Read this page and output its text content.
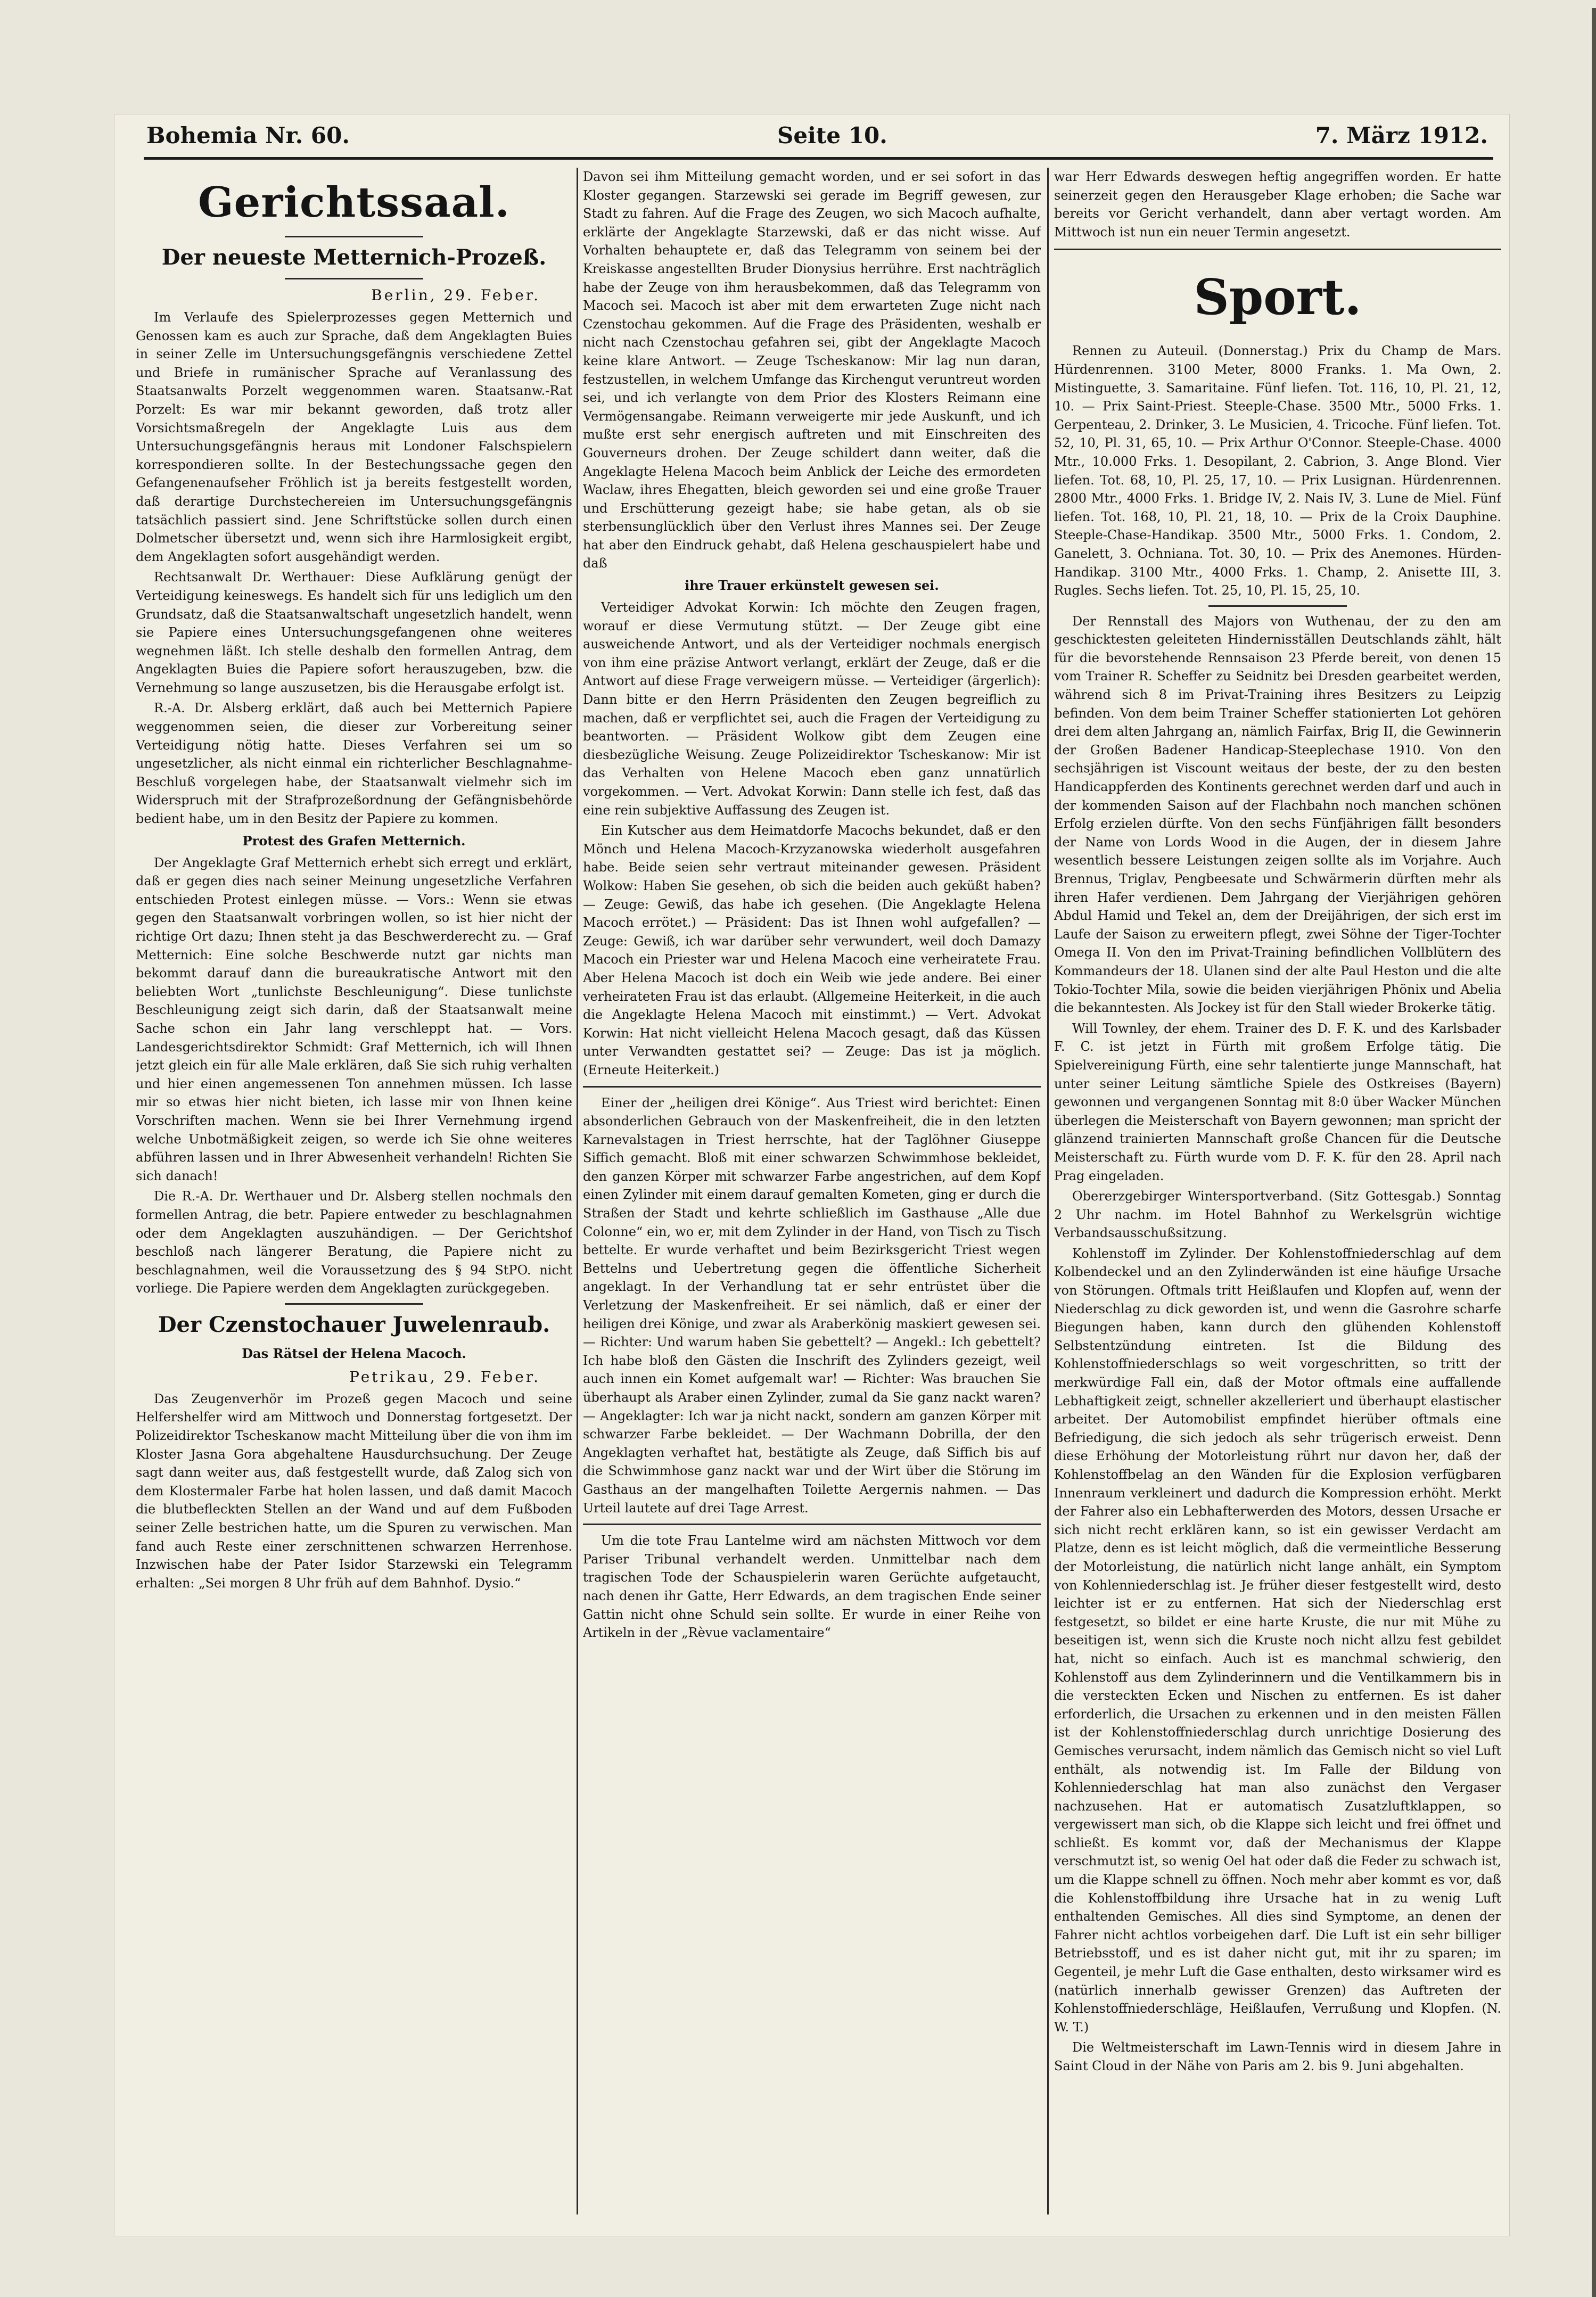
Bohemia Nr. 60.	Seite 10.	7. März 1912.
Gerichtssaal.
Der neueste Metternich-Prozeß.
Berlin, 29. Feber.

Im Verlaufe des Spielerprozesses gegen Metternich und Genossen kam es auch zur Sprache, daß dem Angeklagten Buies in seiner Zelle im Untersuchungsgefängnis verschiedene Zettel und Briefe in rumänischer Sprache auf Veranlassung des Staatsanwalts Porzelt weggenommen waren. Staatsanw.-Rat Porzelt: Es war mir bekannt geworden, daß trotz aller Vorsichtsmaßregeln der Angeklagte Luis aus dem Untersuchungsgefängnis heraus mit Londoner Falschspielern korrespondieren sollte. In der Bestechungssache gegen den Gefangenenaufseher Fröhlich ist ja bereits festgestellt worden, daß derartige Durchstechereien im Untersuchungsgefängnis tatsächlich passiert sind. Jene Schriftstücke sollen durch einen Dolmetscher übersetzt und, wenn sich ihre Harmlosigkeit ergibt, dem Angeklagten sofort ausgehändigt werden.

Rechtsanwalt Dr. Werthauer: Diese Aufklärung genügt der Verteidigung keineswegs. Es handelt sich für uns lediglich um den Grundsatz, daß die Staatsanwaltschaft ungesetzlich handelt, wenn sie Papiere eines Untersuchungsgefangenen ohne weiteres wegnehmen läßt. Ich stelle deshalb den formellen Antrag, dem Angeklagten Buies die Papiere sofort herauszugeben, bzw. die Vernehmung so lange auszusetzen, bis die Herausgabe erfolgt ist.

R.-A. Dr. Alsberg erklärt, daß auch bei Metternich Papiere weggenommen seien, die dieser zur Vorbereitung seiner Verteidigung nötig hatte. Dieses Verfahren sei um so ungesetzlicher, als nicht einmal ein richterlicher Beschlagnahme-Beschluß vorgelegen habe, der Staatsanwalt vielmehr sich im Widerspruch mit der Strafprozeßordnung der Gefängnisbehörde bedient habe, um in den Besitz der Papiere zu kommen.

Protest des Grafen Metternich.

Der Angeklagte Graf Metternich erhebt sich erregt und erklärt, daß er gegen dies nach seiner Meinung ungesetzliche Verfahren entschieden Protest einlegen müsse. — Vors.: Wenn sie etwas gegen den Staatsanwalt vorbringen wollen, so ist hier nicht der richtige Ort dazu; Ihnen steht ja das Beschwerderecht zu. — Graf Metternich: Eine solche Beschwerde nutzt gar nichts man bekommt darauf dann die bureaukratische Antwort mit den beliebten Wort „tunlichste Beschleunigung“. Diese tunlichste Beschleunigung zeigt sich darin, daß der Staatsanwalt meine Sache schon ein Jahr lang verschleppt hat. — Vors. Landesgerichtsdirektor Schmidt: Graf Metternich, ich will Ihnen jetzt gleich ein für alle Male erklären, daß Sie sich ruhig verhalten und hier einen angemessenen Ton annehmen müssen. Ich lasse mir so etwas hier nicht bieten, ich lasse mir von Ihnen keine Vorschriften machen. Wenn sie bei Ihrer Vernehmung irgend welche Unbotmäßigkeit zeigen, so werde ich Sie ohne weiteres abführen lassen und in Ihrer Abwesenheit verhandeln! Richten Sie sich danach!

Die R.-A. Dr. Werthauer und Dr. Alsberg stellen nochmals den formellen Antrag, die betr. Papiere entweder zu beschlagnahmen oder dem Angeklagten auszuhändigen. — Der Gerichtshof beschloß nach längerer Beratung, die Papiere nicht zu beschlagnahmen, weil die Voraussetzung des § 94 StPO. nicht vorliege. Die Papiere werden dem Angeklagten zurückgegeben.

Der Czenstochauer Juwelenraub.
Das Rätsel der Helena Macoch.
Petrikau, 29. Feber.

Das Zeugenverhör im Prozeß gegen Macoch und seine Helfershelfer wird am Mittwoch und Donnerstag fortgesetzt. Der Polizeidirektor Tscheskanow macht Mitteilung über die von ihm im Kloster Jasna Gora abgehaltene Hausdurchsuchung. Der Zeuge sagt dann weiter aus, daß festgestellt wurde, daß Zalog sich von dem Klostermaler Farbe hat holen lassen, und daß damit Macoch die blutbefleckten Stellen an der Wand und auf dem Fußboden seiner Zelle bestrichen hatte, um die Spuren zu verwischen. Man fand auch Reste einer zerschnittenen schwarzen Herrenhose. Inzwischen habe der Pater Isidor Starzewski ein Telegramm erhalten: „Sei morgen 8 Uhr früh auf dem Bahnhof. Dysio.“

Davon sei ihm Mitteilung gemacht worden, und er sei sofort in das Kloster gegangen. Starzewski sei gerade im Begriff gewesen, zur Stadt zu fahren. Auf die Frage des Zeugen, wo sich Macoch aufhalte, erklärte der Angeklagte Starzewski, daß er das nicht wisse. Auf Vorhalten behauptete er, daß das Telegramm von seinem bei der Kreiskasse angestellten Bruder Dionysius herrühre. Erst nachträglich habe der Zeuge von ihm herausbekommen, daß das Telegramm von Macoch sei. Macoch ist aber mit dem erwarteten Zuge nicht nach Czenstochau gekommen. Auf die Frage des Präsidenten, weshalb er nicht nach Czenstochau gefahren sei, gibt der Angeklagte Macoch keine klare Antwort. — Zeuge Tscheskanow: Mir lag nun daran, festzustellen, in welchem Umfange das Kirchengut veruntreut worden sei, und ich verlangte von dem Prior des Klosters Reimann eine Vermögensangabe. Reimann verweigerte mir jede Auskunft, und ich mußte erst sehr energisch auftreten und mit Einschreiten des Gouverneurs drohen. Der Zeuge schildert dann weiter, daß die Angeklagte Helena Macoch beim Anblick der Leiche des ermordeten Waclaw, ihres Ehegatten, bleich geworden sei und eine große Trauer und Erschütterung gezeigt habe; sie habe getan, als ob sie sterbensunglücklich über den Verlust ihres Mannes sei. Der Zeuge hat aber den Eindruck gehabt, daß Helena geschauspielert habe und daß

ihre Trauer erkünstelt gewesen sei.

Verteidiger Advokat Korwin: Ich möchte den Zeugen fragen, worauf er diese Vermutung stützt. — Der Zeuge gibt eine ausweichende Antwort, und als der Verteidiger nochmals energisch von ihm eine präzise Antwort verlangt, erklärt der Zeuge, daß er die Antwort auf diese Frage verweigern müsse. — Verteidiger (ärgerlich): Dann bitte er den Herrn Präsidenten den Zeugen begreiflich zu machen, daß er verpflichtet sei, auch die Fragen der Verteidigung zu beantworten. — Präsident Wolkow gibt dem Zeugen eine diesbezügliche Weisung. Zeuge Polizeidirektor Tscheskanow: Mir ist das Verhalten von Helene Macoch eben ganz unnatürlich vorgekommen. — Vert. Advokat Korwin: Dann stelle ich fest, daß das eine rein subjektive Auffassung des Zeugen ist.

Ein Kutscher aus dem Heimatdorfe Macochs bekundet, daß er den Mönch und Helena Macoch-Krzyzanowska wiederholt ausgefahren habe. Beide seien sehr vertraut miteinander gewesen. Präsident Wolkow: Haben Sie gesehen, ob sich die beiden auch geküßt haben? — Zeuge: Gewiß, das habe ich gesehen. (Die Angeklagte Helena Macoch errötet.) — Präsident: Das ist Ihnen wohl aufgefallen? — Zeuge: Gewiß, ich war darüber sehr verwundert, weil doch Damazy Macoch ein Priester war und Helena Macoch eine verheiratete Frau. Aber Helena Macoch ist doch ein Weib wie jede andere. Bei einer verheirateten Frau ist das erlaubt. (Allgemeine Heiterkeit, in die auch die Angeklagte Helena Macoch mit einstimmt.) — Vert. Advokat Korwin: Hat nicht vielleicht Helena Macoch gesagt, daß das Küssen unter Verwandten gestattet sei? — Zeuge: Das ist ja möglich. (Erneute Heiterkeit.)

Einer der „heiligen drei Könige“. Aus Triest wird berichtet: Einen absonderlichen Gebrauch von der Maskenfreiheit, die in den letzten Karnevalstagen in Triest herrschte, hat der Taglöhner Giuseppe Siffich gemacht. Bloß mit einer schwarzen Schwimmhose bekleidet, den ganzen Körper mit schwarzer Farbe angestrichen, auf dem Kopf einen Zylinder mit einem darauf gemalten Kometen, ging er durch die Straßen der Stadt und kehrte schließlich im Gasthause „Alle due Colonne“ ein, wo er, mit dem Zylinder in der Hand, von Tisch zu Tisch bettelte. Er wurde verhaftet und beim Bezirksgericht Triest wegen Bettelns und Uebertretung gegen die öffentliche Sicherheit angeklagt. In der Verhandlung tat er sehr entrüstet über die Verletzung der Maskenfreiheit. Er sei nämlich, daß er einer der heiligen drei Könige, und zwar als Araberkönig maskiert gewesen sei. — Richter: Und warum haben Sie gebettelt? — Angekl.: Ich gebettelt? Ich habe bloß den Gästen die Inschrift des Zylinders gezeigt, weil auch innen ein Komet aufgemalt war! — Richter: Was brauchen Sie überhaupt als Araber einen Zylinder, zumal da Sie ganz nackt waren? — Angeklagter: Ich war ja nicht nackt, sondern am ganzen Körper mit schwarzer Farbe bekleidet. — Der Wachmann Dobrilla, der den Angeklagten verhaftet hat, bestätigte als Zeuge, daß Siffich bis auf die Schwimmhose ganz nackt war und der Wirt über die Störung im Gasthaus an der mangelhaften Toilette Aergernis nahmen. — Das Urteil lautete auf drei Tage Arrest.

Um die tote Frau Lantelme wird am nächsten Mittwoch vor dem Pariser Tribunal verhandelt werden. Unmittelbar nach dem tragischen Tode der Schauspielerin waren Gerüchte aufgetaucht, nach denen ihr Gatte, Herr Edwards, an dem tragischen Ende seiner Gattin nicht ohne Schuld sein sollte. Er wurde in einer Reihe von Artikeln in der „Rèvue vaclamentaire“

war Herr Edwards deswegen heftig angegriffen worden. Er hatte seinerzeit gegen den Herausgeber Klage erhoben; die Sache war bereits vor Gericht verhandelt, dann aber vertagt worden. Am Mittwoch ist nun ein neuer Termin angesetzt.

Sport.

Rennen zu Auteuil. (Donnerstag.) Prix du Champ de Mars. Hürdenrennen. 3100 Meter, 8000 Franks. 1. Ma Own, 2. Mistinguette, 3. Samaritaine. Fünf liefen. Tot. 116, 10, Pl. 21, 12, 10. — Prix Saint-Priest. Steeple-Chase. 3500 Mtr., 5000 Frks. 1. Gerpenteau, 2. Drinker, 3. Le Musicien, 4. Tricoche. Fünf liefen. Tot. 52, 10, Pl. 31, 65, 10. — Prix Arthur O'Connor. Steeple-Chase. 4000 Mtr., 10.000 Frks. 1. Desopilant, 2. Cabrion, 3. Ange Blond. Vier liefen. Tot. 68, 10, Pl. 25, 17, 10. — Prix Lusignan. Hürdenrennen. 2800 Mtr., 4000 Frks. 1. Bridge IV, 2. Nais IV, 3. Lune de Miel. Fünf liefen. Tot. 168, 10, Pl. 21, 18, 10. — Prix de la Croix Dauphine. Steeple-Chase-Handikap. 3500 Mtr., 5000 Frks. 1. Condom, 2. Ganelett, 3. Ochniana. Tot. 30, 10. — Prix des Anemones. Hürden-Handikap. 3100 Mtr., 4000 Frks. 1. Champ, 2. Anisette III, 3. Rugles. Sechs liefen. Tot. 25, 10, Pl. 15, 25, 10.

Der Rennstall des Majors von Wuthenau, der zu den am geschicktesten geleiteten Hindernisställen Deutschlands zählt, hält für die bevorstehende Rennsaison 23 Pferde bereit, von denen 15 vom Trainer R. Scheffer zu Seidnitz bei Dresden gearbeitet werden, während sich 8 im Privat-Training ihres Besitzers zu Leipzig befinden. Von dem beim Trainer Scheffer stationierten Lot gehören drei dem alten Jahrgang an, nämlich Fairfax, Brig II, die Gewinnerin der Großen Badener Handicap-Steeplechase 1910. Von den sechsjährigen ist Viscount weitaus der beste, der zu den besten Handicappferden des Kontinents gerechnet werden darf und auch in der kommenden Saison auf der Flachbahn noch manchen schönen Erfolg erzielen dürfte. Von den sechs Fünfjährigen fällt besonders der Name von Lords Wood in die Augen, der in diesem Jahre wesentlich bessere Leistungen zeigen sollte als im Vorjahre. Auch Brennus, Triglav, Pengbeesate und Schwärmerin dürften mehr als ihren Hafer verdienen. Dem Jahrgang der Vierjährigen gehören Abdul Hamid und Tekel an, dem der Dreijährigen, der sich erst im Laufe der Saison zu erweitern pflegt, zwei Söhne der Tiger-Tochter Omega II. Von den im Privat-Training befindlichen Vollblütern des Kommandeurs der 18. Ulanen sind der alte Paul Heston und die alte Tokio-Tochter Mila, sowie die beiden vierjährigen Phönix und Abelia die bekanntesten. Als Jockey ist für den Stall wieder Brokerke tätig.

Will Townley, der ehem. Trainer des D. F. K. und des Karlsbader F. C. ist jetzt in Fürth mit großem Erfolge tätig. Die Spielvereinigung Fürth, eine sehr talentierte junge Mannschaft, hat unter seiner Leitung sämtliche Spiele des Ostkreises (Bayern) gewonnen und vergangenen Sonntag mit 8:0 über Wacker München überlegen die Meisterschaft von Bayern gewonnen; man spricht der glänzend trainierten Mannschaft große Chancen für die Deutsche Meisterschaft zu. Fürth wurde vom D. F. K. für den 28. April nach Prag eingeladen.

Obererzgebirger Wintersportverband. (Sitz Gottesgab.) Sonntag 2 Uhr nachm. im Hotel Bahnhof zu Werkelsgrün wichtige Verbandsausschußsitzung.

Kohlenstoff im Zylinder. Der Kohlenstoffniederschlag auf dem Kolbendeckel und an den Zylinderwänden ist eine häufige Ursache von Störungen. Oftmals tritt Heißlaufen und Klopfen auf, wenn der Niederschlag zu dick geworden ist, und wenn die Gasrohre scharfe Biegungen haben, kann durch den glühenden Kohlenstoff Selbstentzündung eintreten. Ist die Bildung des Kohlenstoffniederschlags so weit vorgeschritten, so tritt der merkwürdige Fall ein, daß der Motor oftmals eine auffallende Lebhaftigkeit zeigt, schneller akzelleriert und überhaupt elastischer arbeitet. Der Automobilist empfindet hierüber oftmals eine Befriedigung, die sich jedoch als sehr trügerisch erweist. Denn diese Erhöhung der Motorleistung rührt nur davon her, daß der Kohlenstoffbelag an den Wänden für die Explosion verfügbaren Innenraum verkleinert und dadurch die Kompression erhöht. Merkt der Fahrer also ein Lebhafterwerden des Motors, dessen Ursache er sich nicht recht erklären kann, so ist ein gewisser Verdacht am Platze, denn es ist leicht möglich, daß die vermeintliche Besserung der Motorleistung, die natürlich nicht lange anhält, ein Symptom von Kohlenniederschlag ist. Je früher dieser festgestellt wird, desto leichter ist er zu entfernen. Hat sich der Niederschlag erst festgesetzt, so bildet er eine harte Kruste, die nur mit Mühe zu beseitigen ist, wenn sich die Kruste noch nicht allzu fest gebildet hat, nicht so einfach. Auch ist es manchmal schwierig, den Kohlenstoff aus dem Zylinderinnern und die Ventilkammern bis in die versteckten Ecken und Nischen zu entfernen. Es ist daher erforderlich, die Ursachen zu erkennen und in den meisten Fällen ist der Kohlenstoffniederschlag durch unrichtige Dosierung des Gemisches verursacht, indem nämlich das Gemisch nicht so viel Luft enthält, als notwendig ist. Im Falle der Bildung von Kohlenniederschlag hat man also zunächst den Vergaser nachzusehen. Hat er automatisch Zusatzluftklappen, so vergewissert man sich, ob die Klappe sich leicht und frei öffnet und schließt. Es kommt vor, daß der Mechanismus der Klappe verschmutzt ist, so wenig Oel hat oder daß die Feder zu schwach ist, um die Klappe schnell zu öffnen. Noch mehr aber kommt es vor, daß die Kohlenstoffbildung ihre Ursache hat in zu wenig Luft enthaltenden Gemisches. All dies sind Symptome, an denen der Fahrer nicht achtlos vorbeigehen darf. Die Luft ist ein sehr billiger Betriebsstoff, und es ist daher nicht gut, mit ihr zu sparen; im Gegenteil, je mehr Luft die Gase enthalten, desto wirksamer wird es (natürlich innerhalb gewisser Grenzen) das Auftreten der Kohlenstoffniederschläge, Heißlaufen, Verrußung und Klopfen. (N. W. T.)

Die Weltmeisterschaft im Lawn-Tennis wird in diesem Jahre in Saint Cloud in der Nähe von Paris am 2. bis 9. Juni abgehalten.
